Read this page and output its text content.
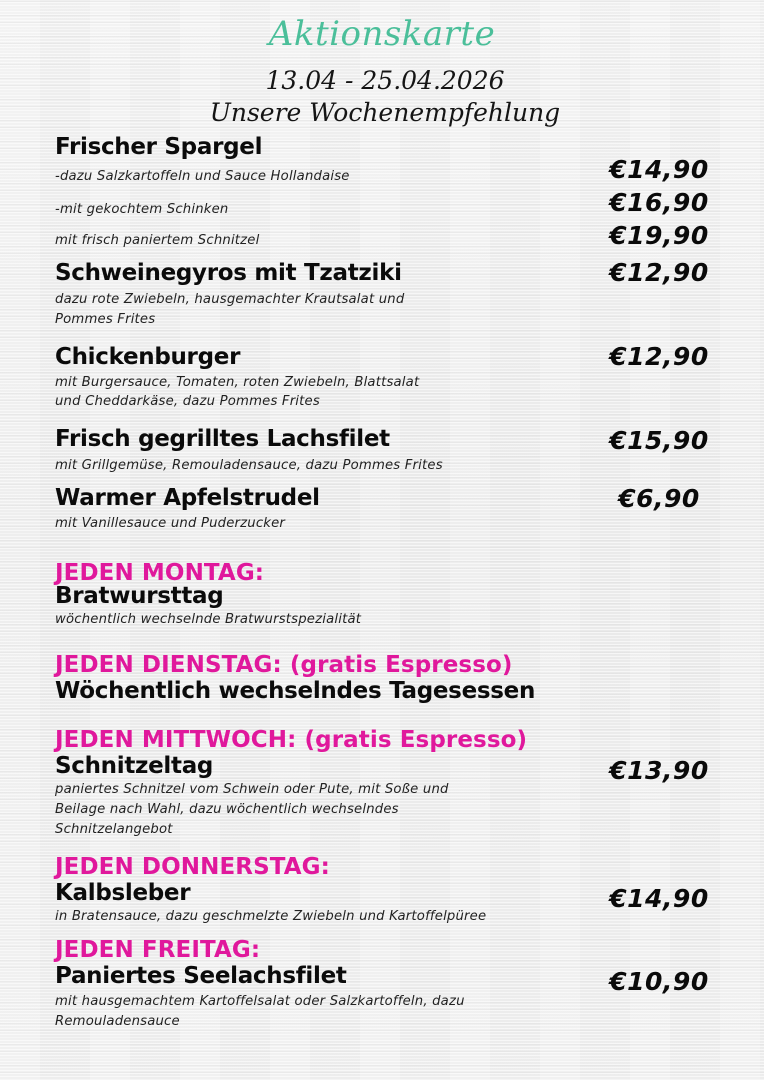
Aktionskarte
13.04 - 25.04.2026
Unsere Wochenempfehlung
Frischer Spargel
-dazu Salzkartoffeln und Sauce Hollandaise	€14,90
-mit gekochtem Schinken	€16,90
mit frisch paniertem Schnitzel	€19,90
Schweinegyros mit Tzatziki
dazu rote Zwiebeln, hausgemachter Krautsalat und
Pommes Frites
€12,90
Chickenburger
mit Burgersauce, Tomaten, roten Zwiebeln, Blattsalat
und Cheddarkäse, dazu Pommes Frites
€12,90
Frisch gegrilltes Lachsfilet
mit Grillgemüse, Remouladensauce, dazu Pommes Frites
€15,90
Warmer Apfelstrudel
mit Vanillesauce und Puderzucker
€6,90
JEDEN MONTAG:
Bratwursttag
wöchentlich wechselnde Bratwurstspezialität
JEDEN DIENSTAG: (gratis Espresso)
Wöchentlich wechselndes Tagesessen
JEDEN MITTWOCH: (gratis Espresso)
Schnitzeltag
paniertes Schnitzel vom Schwein oder Pute, mit Soße und
Beilage nach Wahl, dazu wöchentlich wechselndes
Schnitzelangebot
€13,90
JEDEN DONNERSTAG:
Kalbsleber
in Bratensauce, dazu geschmelzte Zwiebeln und Kartoffelpüree
€14,90
JEDEN FREITAG:
Paniertes Seelachsfilet
mit hausgemachtem Kartoffelsalat oder Salzkartoffeln, dazu
Remouladensauce
€10,90
